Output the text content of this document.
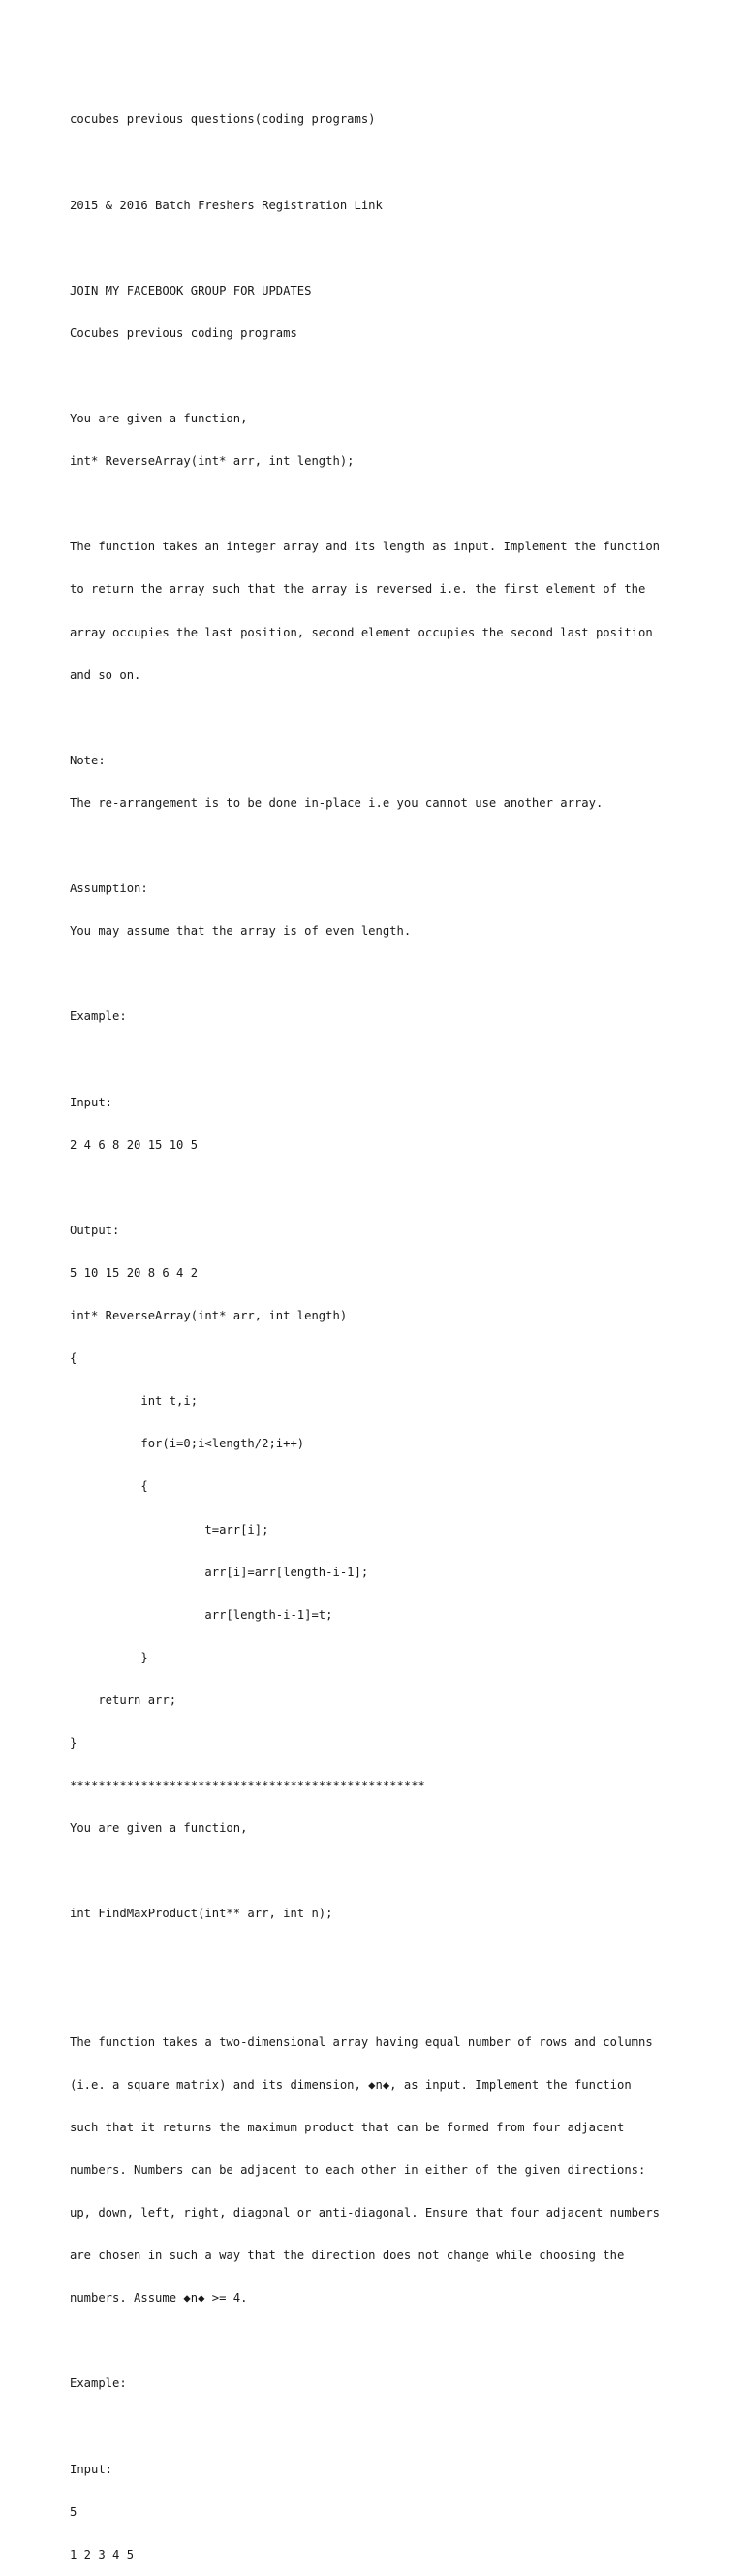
cocubes previous questions(coding programs)

2015 & 2016 Batch Freshers Registration Link

JOIN MY FACEBOOK GROUP FOR UPDATES

Cocubes previous coding programs

You are given a function,

int* ReverseArray(int* arr, int length);

The function takes an integer array and its length as input. Implement the function

to return the array such that the array is reversed i.e. the first element of the

array occupies the last position, second element occupies the second last position

and so on.

Note:

The re-arrangement is to be done in-place i.e you cannot use another array.

Assumption:

You may assume that the array is of even length.

Example:

Input:

2 4 6 8 20 15 10 5

Output:

5 10 15 20 8 6 4 2

int* ReverseArray(int* arr, int length)

{

int t,i;

for(i=0;i<length/2;i++)

{

t=arr[i];

arr[i]=arr[length-i-1];

arr[length-i-1]=t;

}

return arr;

}

**************************************************

You are given a function,

int FindMaxProduct(int** arr, int n);

The function takes a two-dimensional array having equal number of rows and columns

(i.e. a square matrix) and its dimension, ◆n◆, as input. Implement the function

such that it returns the maximum product that can be formed from four adjacent

numbers. Numbers can be adjacent to each other in either of the given directions:

up, down, left, right, diagonal or anti-diagonal. Ensure that four adjacent numbers

are chosen in such a way that the direction does not change while choosing the

numbers. Assume ◆n◆ >= 4.

Example:

Input:

5

1 2 3 4 5
